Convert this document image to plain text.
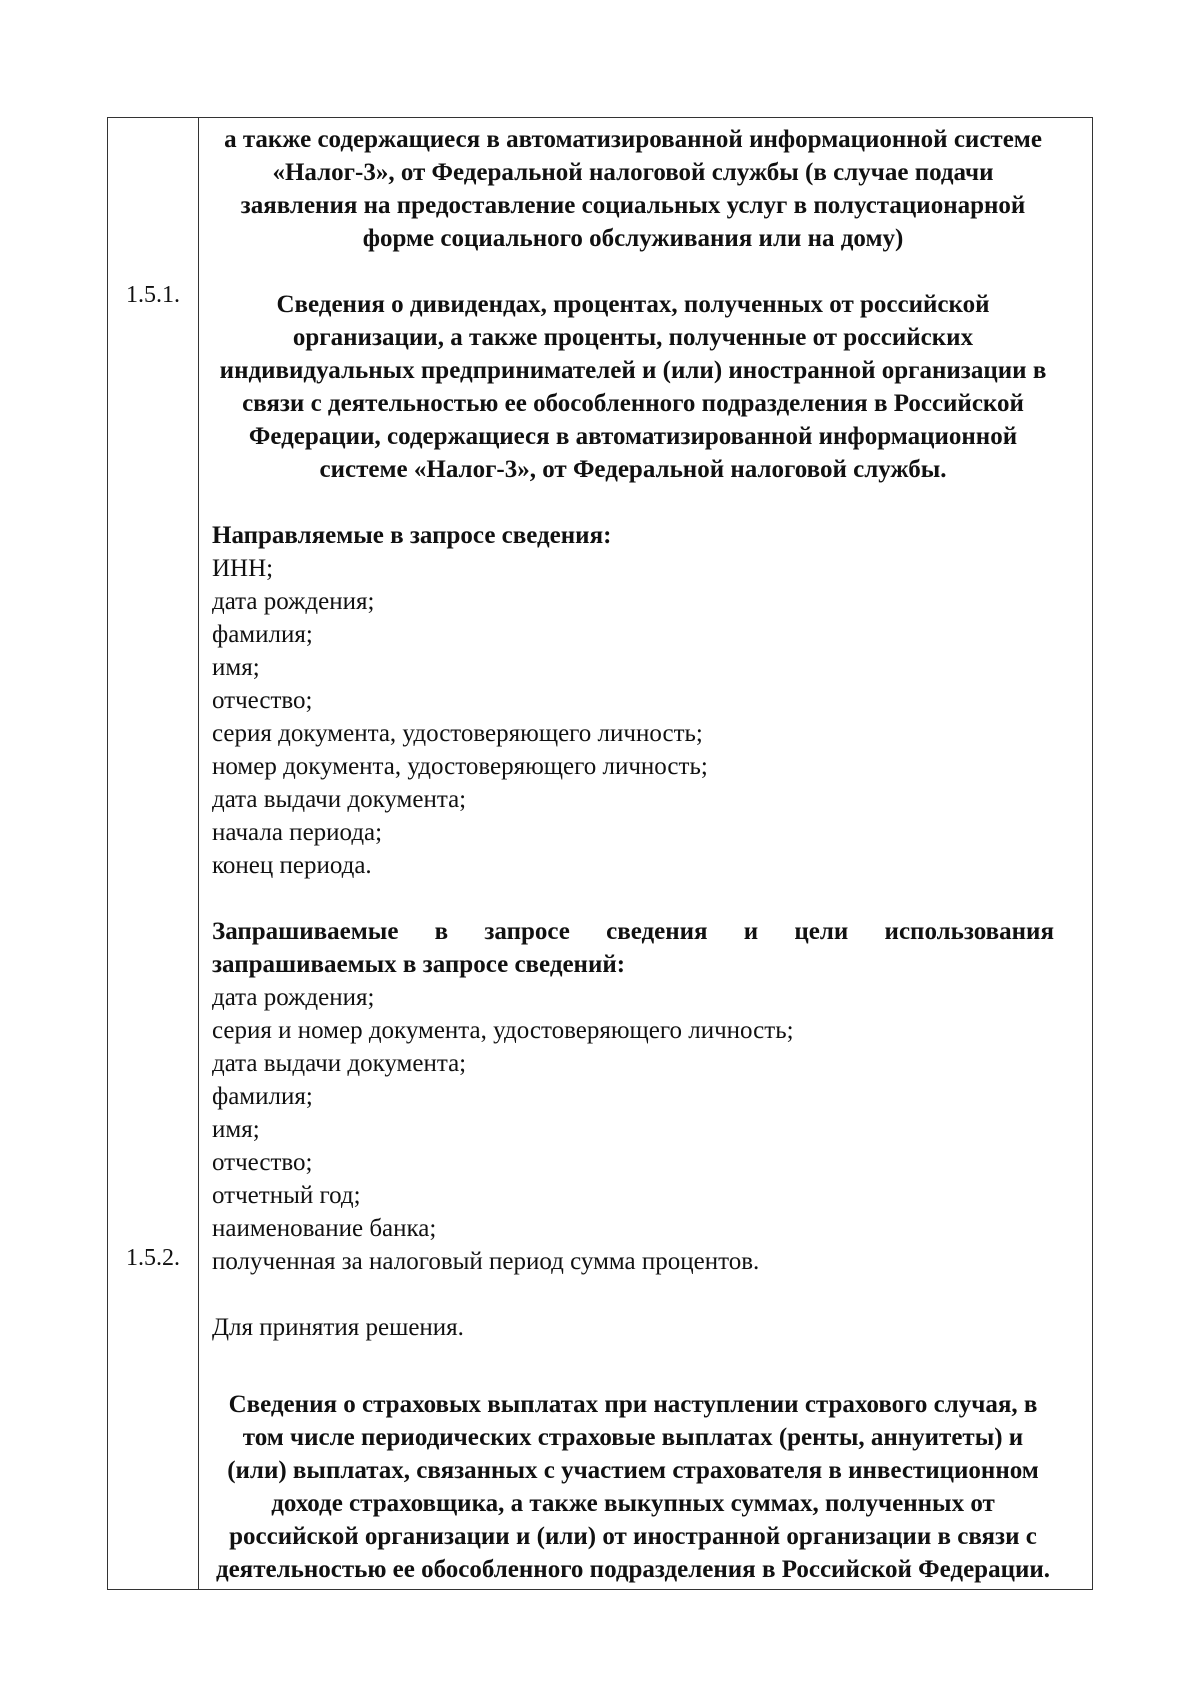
1.5.1.
1.5.2.
а также содержащиеся в автоматизированной информационной системе «Налог-3», от Федеральной налоговой службы (в случае подачи заявления на предоставление социальных услуг в полустационарной форме социального обслуживания или на дому)
Сведения о дивидендах, процентах, полученных от российской организации, а также проценты, полученные от российских индивидуальных предпринимателей и (или) иностранной организации в связи с деятельностью ее обособленного подразделения в Российской Федерации, содержащиеся в автоматизированной информационной системе «Налог-3», от Федеральной налоговой службы.
Направляемые в запросе сведения:
ИНН;
дата рождения;
фамилия;
имя;
отчество;
серия документа, удостоверяющего личность;
номер документа, удостоверяющего личность;
дата выдачи документа;
начала периода;
конец периода.
Запрашиваемые в запросе сведения и цели использования
запрашиваемых в запросе сведений:
дата рождения;
серия и номер документа, удостоверяющего личность;
дата выдачи документа;
фамилия;
имя;
отчество;
отчетный год;
наименование банка;
полученная за налоговый период сумма процентов.
Для принятия решения.
Сведения о страховых выплатах при наступлении страхового случая, в том числе периодических страховые выплатах (ренты, аннуитеты) и (или) выплатах, связанных с участием страхователя в инвестиционном доходе страховщика, а также выкупных суммах, полученных от российской организации и (или) от иностранной организации в связи с деятельностью ее обособленного подразделения в Российской Федерации.
